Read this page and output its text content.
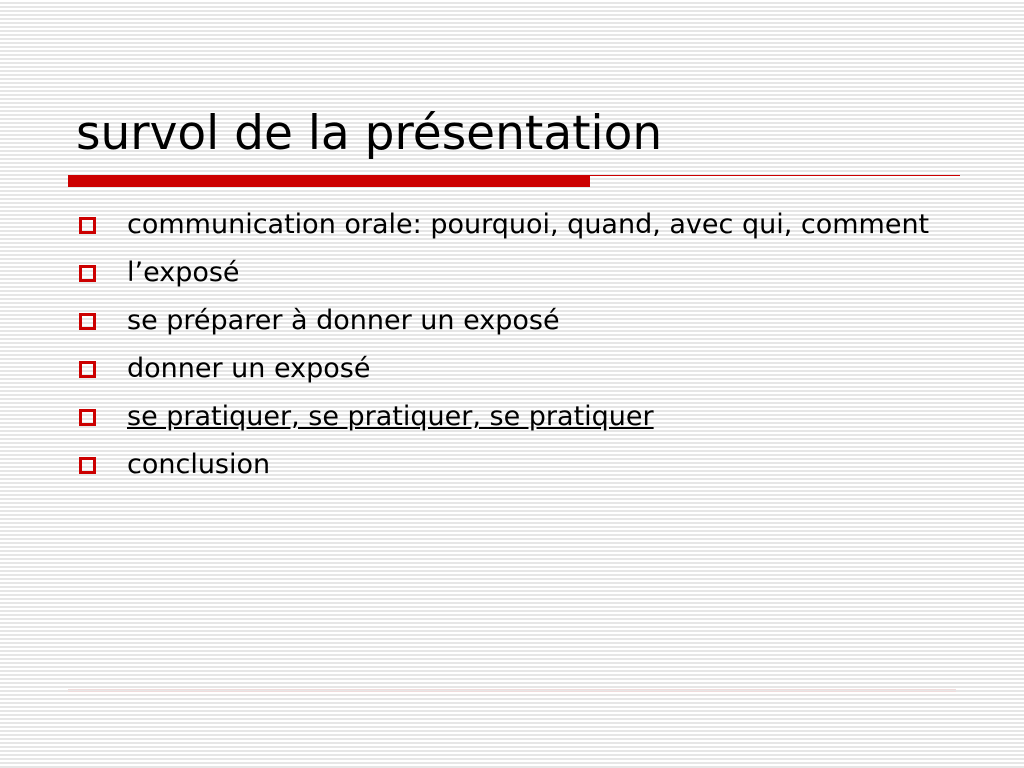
survol de la présentation
communication orale: pourquoi, quand, avec qui, comment
l’exposé
se préparer à donner un exposé
donner un exposé
se pratiquer, se pratiquer, se pratiquer
conclusion
